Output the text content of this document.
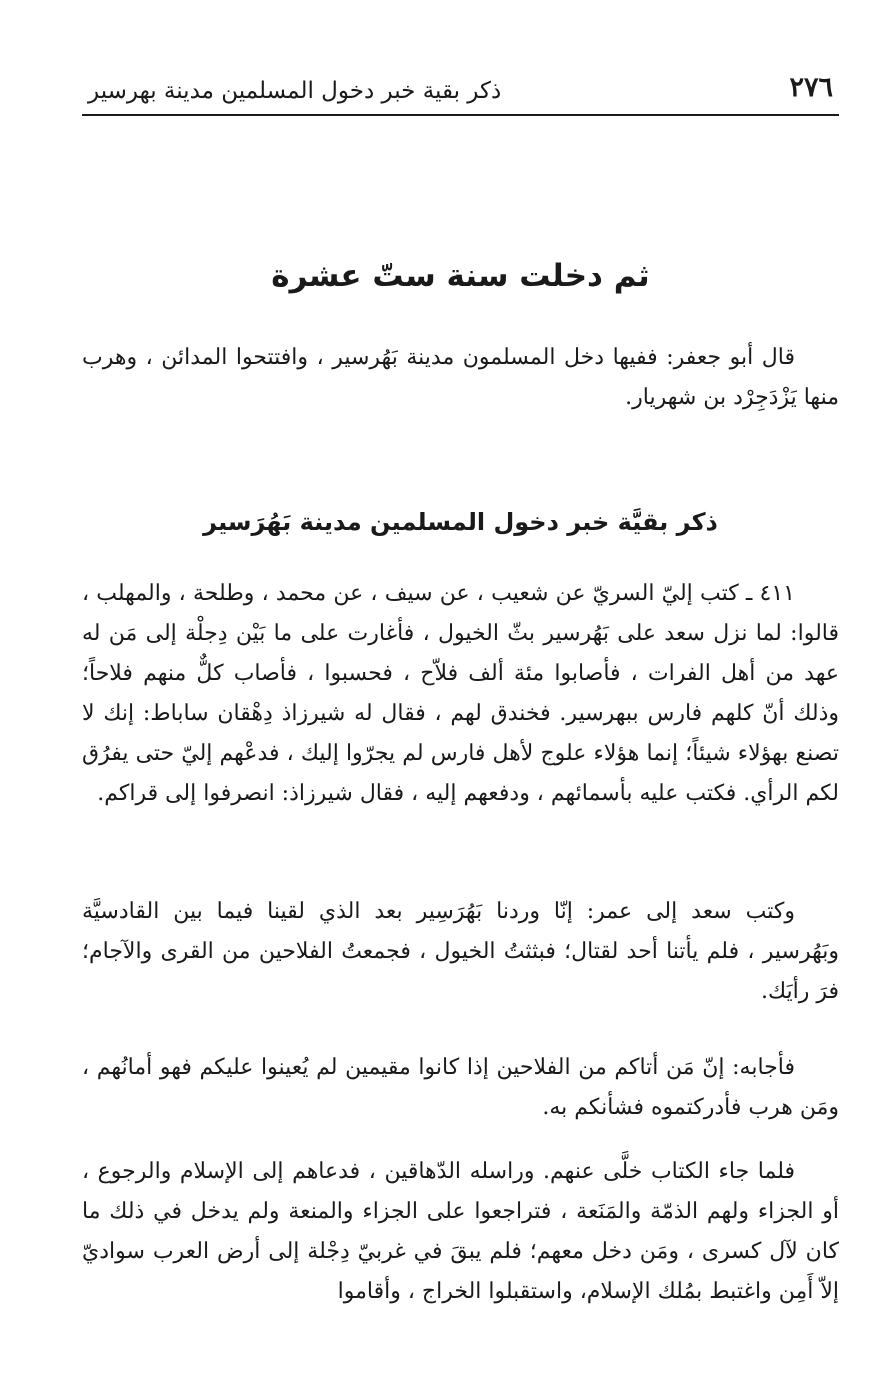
ذكر بقية خبر دخول المسلمين مدينة بهرسير	٢٧٦
ثم دخلت سنة ستّ عشرة

قال أبو جعفر: ففيها دخل المسلمون مدينة بَهُرسير ، وافتتحوا المدائن ، وهرب منها يَزْدَجِرْد بن شهريار.

ذكر بقيَّة خبر دخول المسلمين مدينة بَهُرَسير

٤١١ ـ كتب إليّ السريّ عن شعيب ، عن سيف ، عن محمد ، وطلحة ، والمهلب ، قالوا: لما نزل سعد على بَهُرسير بثّ الخيول ، فأغارت على ما بَيْن دِجلْة إلى مَن له عهد من أهل الفرات ، فأصابوا مئة ألف فلاّح ، فحسبوا ، فأصاب كلٌّ منهم فلاحاً؛ وذلك أنّ كلهم فارس ببهرسير. فخندق لهم ، فقال له شيرزاذ دِهْقان ساباط: إنك لا تصنع بهؤلاء شيئاً؛ إنما هؤلاء علوج لأهل فارس لم يجرّوا إليك ، فدعْهم إليّ حتى يفرُق لكم الرأي. فكتب عليه بأسمائهم ، ودفعهم إليه ، فقال شيرزاذ: انصرفوا إلى قراكم.

وكتب سعد إلى عمر: إنّا وردنا بَهُرَسِير بعد الذي لقينا فيما بين القادسيَّة وبَهُرسير ، فلم يأتنا أحد لقتال؛ فبثثتُ الخيول ، فجمعتُ الفلاحين من القرى والآجام؛ فرَ رأيَك.

فأجابه: إنّ مَن أتاكم من الفلاحين إذا كانوا مقيمين لم يُعينوا عليكم فهو أمانُهم ، ومَن هرب فأدركتموه فشأنكم به.

فلما جاء الكتاب خلَّى عنهم. وراسله الدّهاقين ، فدعاهم إلى الإسلام والرجوع ، أو الجزاء ولهم الذمّة والمَنَعة ، فتراجعوا على الجزاء والمنعة ولم يدخل في ذلك ما كان لآل كسرى ، ومَن دخل معهم؛ فلم يبقَ في غربيّ دِجْلة إلى أرض العرب سواديّ إلاّ أَمِن واغتبط بمُلك الإسلام، واستقبلوا الخراج ، وأقاموا
